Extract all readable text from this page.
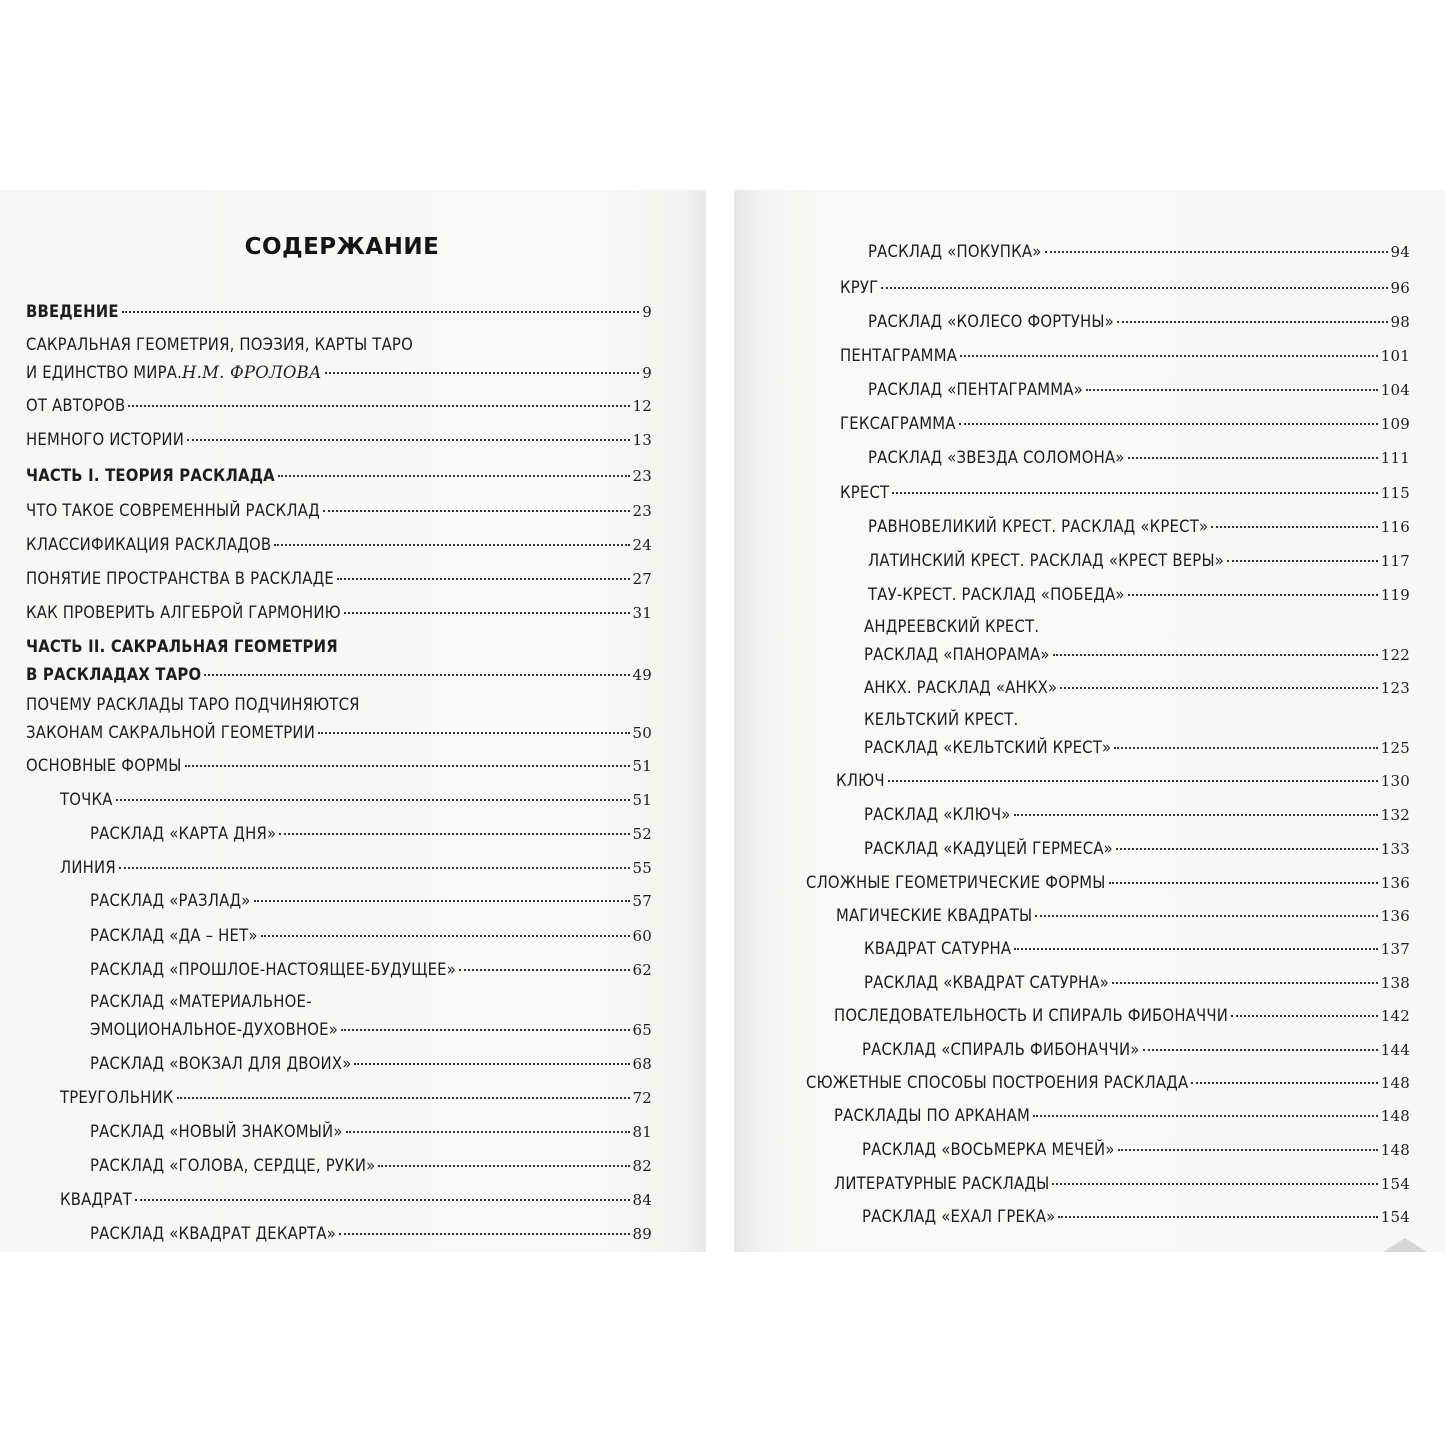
СОДЕРЖАНИЕ
ВВЕДЕНИЕ	9
САКРАЛЬНАЯ ГЕОМЕТРИЯ, ПОЭЗИЯ, КАРТЫ ТАРО
И ЕДИНСТВО МИРА. Н.М. ФРОЛОВА	9
ОТ АВТОРОВ	12
НЕМНОГО ИСТОРИИ	13
ЧАСТЬ I. ТЕОРИЯ РАСКЛАДА	23
ЧТО ТАКОЕ СОВРЕМЕННЫЙ РАСКЛАД	23
КЛАССИФИКАЦИЯ РАСКЛАДОВ	24
ПОНЯТИЕ ПРОСТРАНСТВА В РАСКЛАДЕ	27
КАК ПРОВЕРИТЬ АЛГЕБРОЙ ГАРМОНИЮ	31
ЧАСТЬ II. САКРАЛЬНАЯ ГЕОМЕТРИЯ
В РАСКЛАДАХ ТАРО	49
ПОЧЕМУ РАСКЛАДЫ ТАРО ПОДЧИНЯЮТСЯ
ЗАКОНАМ САКРАЛЬНОЙ ГЕОМЕТРИИ	50
ОСНОВНЫЕ ФОРМЫ	51
ТОЧКА	51
РАСКЛАД «КАРТА ДНЯ»	52
ЛИНИЯ	55
РАСКЛАД «РАЗЛАД»	57
РАСКЛАД «ДА – НЕТ»	60
РАСКЛАД «ПРОШЛОЕ-НАСТОЯЩЕЕ-БУДУЩЕЕ»	62
РАСКЛАД «МАТЕРИАЛЬНОЕ-
ЭМОЦИОНАЛЬНОЕ-ДУХОВНОЕ»	65
РАСКЛАД «ВОКЗАЛ ДЛЯ ДВОИХ»	68
ТРЕУГОЛЬНИК	72
РАСКЛАД «НОВЫЙ ЗНАКОМЫЙ»	81
РАСКЛАД «ГОЛОВА, СЕРДЦЕ, РУКИ»	82
КВАДРАТ	84
РАСКЛАД «КВАДРАТ ДЕКАРТА»	89
РАСКЛАД «ПОКУПКА»	94
КРУГ	96
РАСКЛАД «КОЛЕСО ФОРТУНЫ»	98
ПЕНТАГРАММА	101
РАСКЛАД «ПЕНТАГРАММА»	104
ГЕКСАГРАММА	109
РАСКЛАД «ЗВЕЗДА СОЛОМОНА»	111
КРЕСТ	115
РАВНОВЕЛИКИЙ КРЕСТ. РАСКЛАД «КРЕСТ»	116
ЛАТИНСКИЙ КРЕСТ. РАСКЛАД «КРЕСТ ВЕРЫ»	117
ТАУ-КРЕСТ. РАСКЛАД «ПОБЕДА»	119
АНДРЕЕВСКИЙ КРЕСТ.
РАСКЛАД «ПАНОРАМА»	122
АНКХ. РАСКЛАД «АНКХ»	123
КЕЛЬТСКИЙ КРЕСТ.
РАСКЛАД «КЕЛЬТСКИЙ КРЕСТ»	125
КЛЮЧ	130
РАСКЛАД «КЛЮЧ»	132
РАСКЛАД «КАДУЦЕЙ ГЕРМЕСА»	133
СЛОЖНЫЕ ГЕОМЕТРИЧЕСКИЕ ФОРМЫ	136
МАГИЧЕСКИЕ КВАДРАТЫ	136
КВАДРАТ САТУРНА	137
РАСКЛАД «КВАДРАТ САТУРНА»	138
ПОСЛЕДОВАТЕЛЬНОСТЬ И СПИРАЛЬ ФИБОНАЧЧИ	142
РАСКЛАД «СПИРАЛЬ ФИБОНАЧЧИ»	144
СЮЖЕТНЫЕ СПОСОБЫ ПОСТРОЕНИЯ РАСКЛАДА	148
РАСКЛАДЫ ПО АРКАНАМ	148
РАСКЛАД «ВОСЬМЕРКА МЕЧЕЙ»	148
ЛИТЕРАТУРНЫЕ РАСКЛАДЫ	154
РАСКЛАД «ЕХАЛ ГРЕКА»	154
